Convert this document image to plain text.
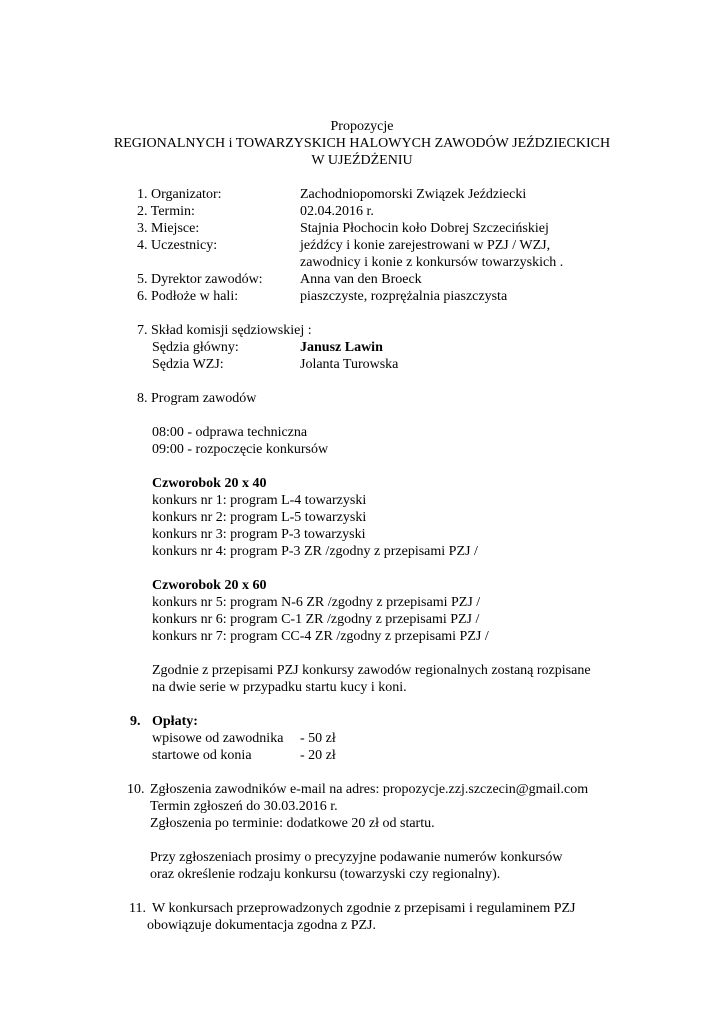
Propozycje
REGIONALNYCH i TOWARZYSKICH HALOWYCH ZAWODÓW JEŹDZIECKICH
W UJEŹDŻENIU
1. Organizator:	Zachodniopomorski Związek Jeździecki
2. Termin:	02.04.2016 r.
3. Miejsce:	Stajnia Płochocin koło Dobrej Szczecińskiej
4. Uczestnicy:	jeźdźcy i konie zarejestrowani w PZJ / WZJ,
zawodnicy i konie z konkursów towarzyskich .
5. Dyrektor zawodów:	Anna van den Broeck
6. Podłoże w hali:	piaszczyste, rozprężalnia piaszczysta
7. Skład komisji sędziowskiej :
Sędzia główny:	Janusz Lawin
Sędzia WZJ:	Jolanta Turowska
8. Program zawodów
08:00 - odprawa techniczna
09:00 - rozpoczęcie konkursów
Czworobok 20 x 40
konkurs nr 1: program L-4 towarzyski
konkurs nr 2: program L-5 towarzyski
konkurs nr 3: program P-3 towarzyski
konkurs nr 4: program P-3 ZR /zgodny z przepisami PZJ /
Czworobok 20 x 60
konkurs nr 5: program N-6 ZR /zgodny z przepisami PZJ /
konkurs nr 6: program C-1 ZR /zgodny z przepisami PZJ /
konkurs nr 7: program CC-4 ZR /zgodny z przepisami PZJ /
Zgodnie z przepisami PZJ konkursy zawodów regionalnych zostaną rozpisane
na dwie serie w przypadku startu kucy i koni.
9. Opłaty:
wpisowe od zawodnika - 50 zł
startowe od konia	- 20 zł
10. Zgłoszenia zawodników e-mail na adres: propozycje.zzj.szczecin@gmail.com
Termin zgłoszeń do 30.03.2016 r.
Zgłoszenia po terminie: dodatkowe 20 zł od startu.
Przy zgłoszeniach prosimy o precyzyjne podawanie numerów konkursów
oraz określenie rodzaju konkursu (towarzyski czy regionalny).
11. W konkursach przeprowadzonych zgodnie z przepisami i regulaminem PZJ
obowiązuje dokumentacja zgodna z PZJ.
